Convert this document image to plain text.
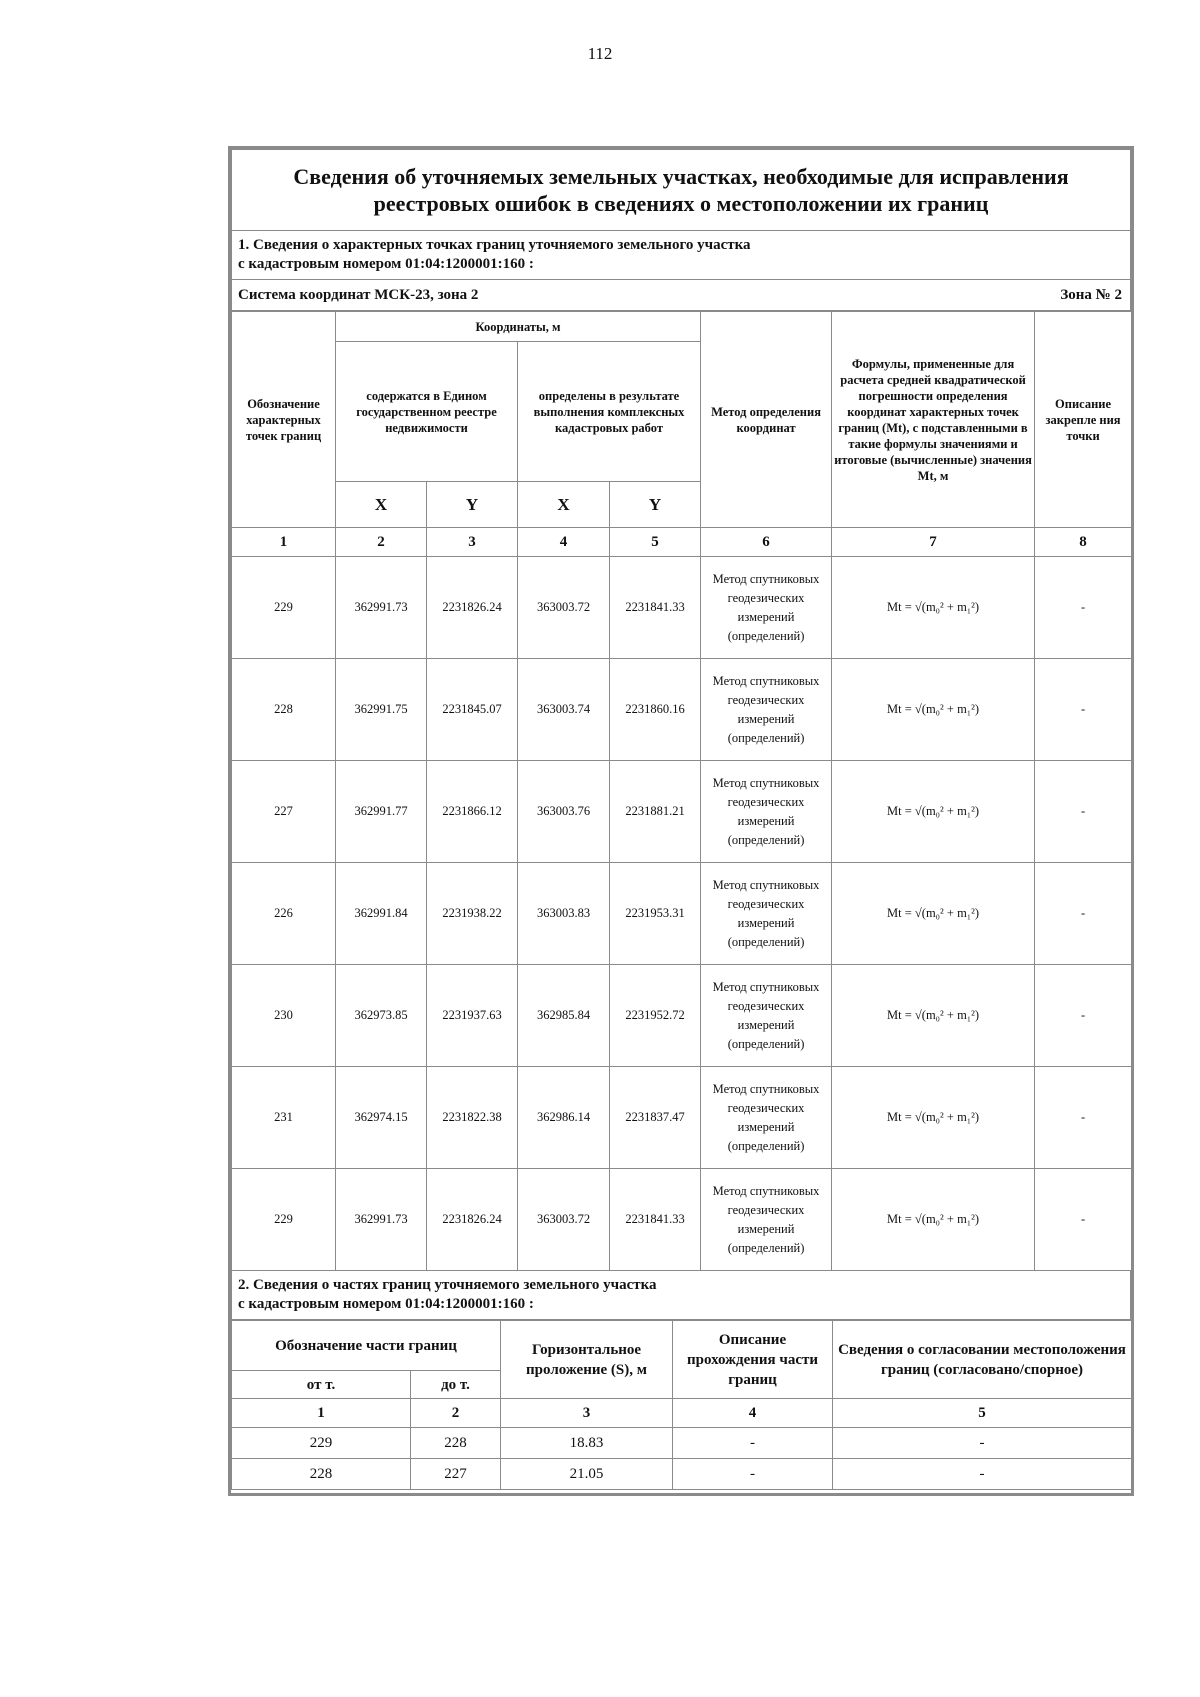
112
Сведения об уточняемых земельных участках, необходимые для исправления реестровых ошибок в сведениях о местоположении их границ

1. Сведения о характерных точках границ уточняемого земельного участка
с кадастровым номером 01:04:1200001:160 :

Система координат МСК-23, зона 2	Зона № 2
Обозначение характерных точек границ	Координаты, м				Метод определения координат	Формулы, примененные для расчета средней квадратической погрешности определения координат характерных точек границ (Mt), с подставленными в такие формулы значениями и итоговые (вычисленные) значения Mt, м	Описание закрепле ния точки
	содержатся в Едином государственном реестре недвижимости		определены в результате выполнения комплексных кадастровых работ				
	X	Y	X	Y			
1	2	3	4	5	6	7	8
229	362991.73	2231826.24	363003.72	2231841.33	Метод спутниковых геодезических измерений (определений)	Mt = √(m₀² + m₁²)	-
228	362991.75	2231845.07	363003.74	2231860.16	Метод спутниковых геодезических измерений (определений)	Mt = √(m₀² + m₁²)	-
227	362991.77	2231866.12	363003.76	2231881.21	Метод спутниковых геодезических измерений (определений)	Mt = √(m₀² + m₁²)	-
226	362991.84	2231938.22	363003.83	2231953.31	Метод спутниковых геодезических измерений (определений)	Mt = √(m₀² + m₁²)	-
230	362973.85	2231937.63	362985.84	2231952.72	Метод спутниковых геодезических измерений (определений)	Mt = √(m₀² + m₁²)	-
231	362974.15	2231822.38	362986.14	2231837.47	Метод спутниковых геодезических измерений (определений)	Mt = √(m₀² + m₁²)	-
229	362991.73	2231826.24	363003.72	2231841.33	Метод спутниковых геодезических измерений (определений)	Mt = √(m₀² + m₁²)	-
2. Сведения о частях границ уточняемого земельного участка
с кадастровым номером 01:04:1200001:160 :
Обозначение части границ		Горизонтальное проложение (S), м	Описание прохождения части границ	Сведения о согласовании местоположения границ (согласовано/спорное)
от т.	до т.			
1	2	3	4	5
229	228	18.83	-	-
228	227	21.05	-	-
